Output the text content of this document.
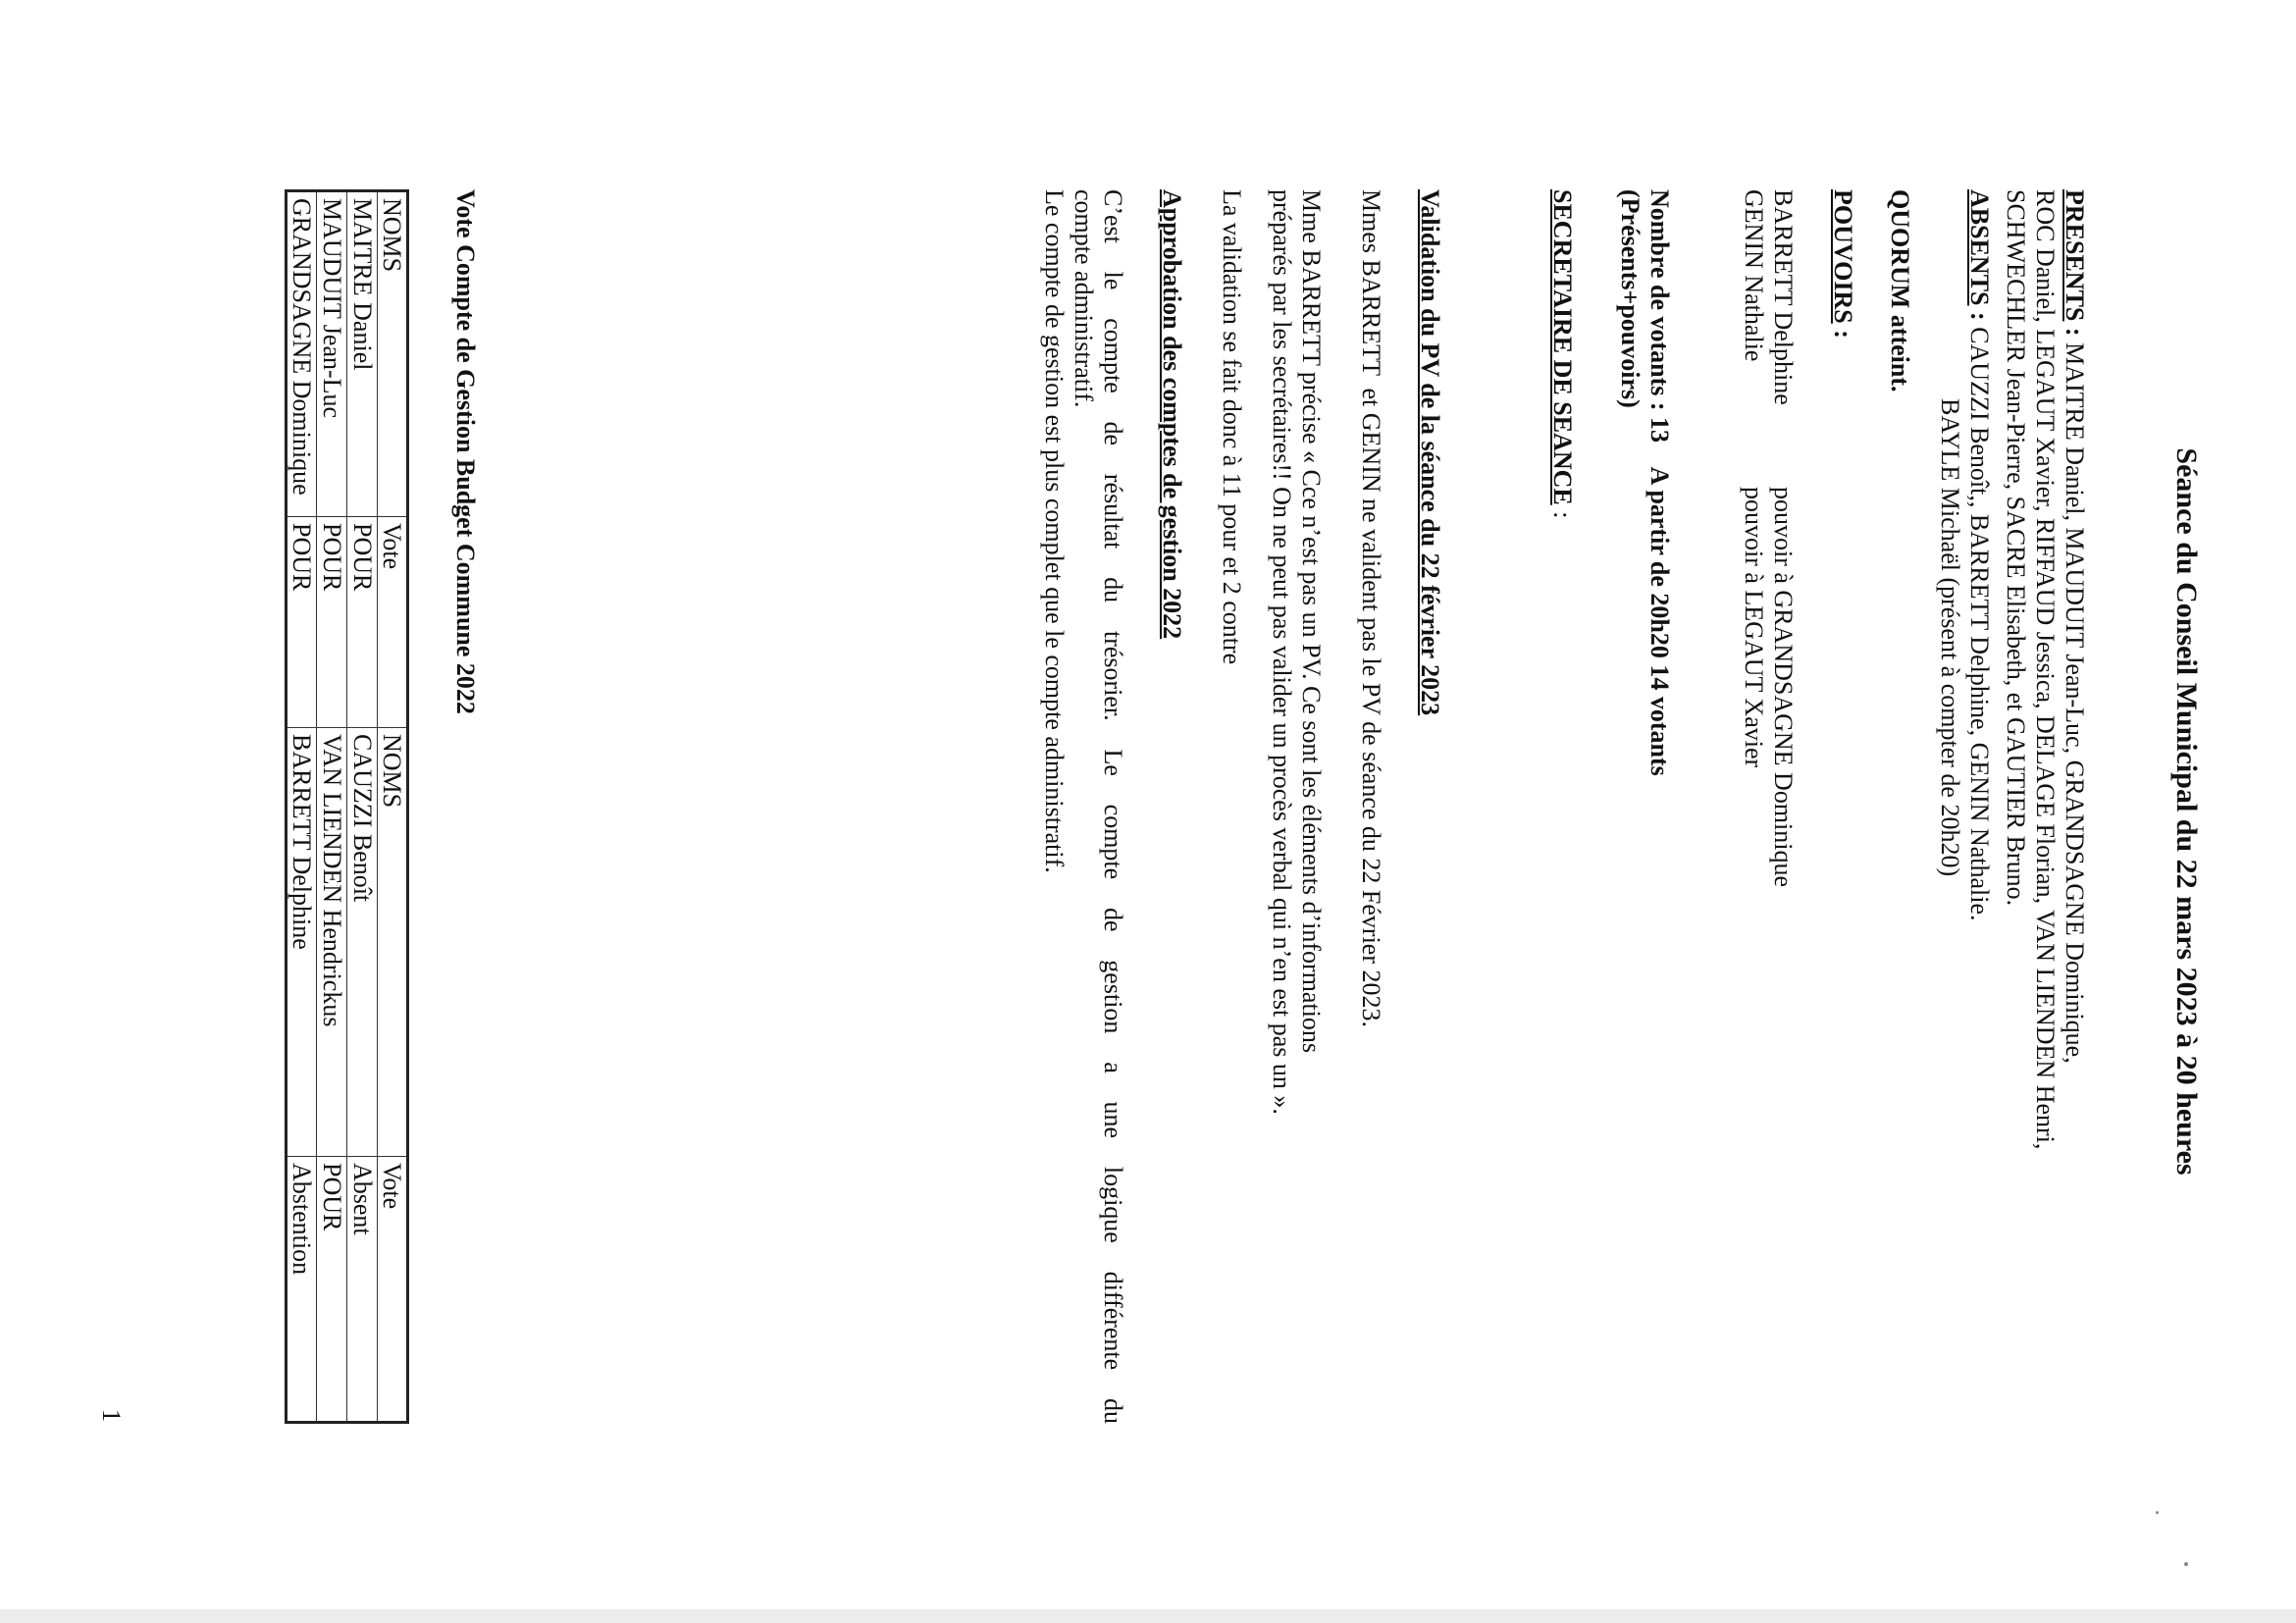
Séance du Conseil Municipal du 22 mars 2023 à 20 heures

PRESENTS : MAITRE Daniel, MAUDUIT Jean-Luc, GRANDSAGNE Dominique,

ROC Daniel, LEGAUT Xavier, RIFFAUD Jessica, DELAGE Florian, VAN LIENDEN Henri,

SCHWECHLER Jean-Pierre, SACRE Elisabeth, et GAUTIER Bruno.

ABSENTS : CAUZZI Benoît,, BARRETT Delphine, GENIN Nathalie.

BAYLE Michaël (présent à compter de 20h20)

QUORUM atteint.
POUVOIRS :
BARRETT Delphine
pouvoir à GRANDSAGNE Dominique
GENIN Nathalie
pouvoir à LEGAUT Xavier

Nombre de votants : 13    A partir de 20h20 14 votants

(Présents+pouvoirs)

SECRETAIRE DE SEANCE :
Validation du PV de la séance du 22 février 2023
Mmes BARRETT  et GENIN ne valident pas le PV de séance du 22 Février 2023.

Mme BARRETT précise « Cce n’est pas un PV. Ce sont les éléments d’informations

préparés par les secrétaires!! On ne peut pas valider un procès verbal qui n’en est pas un ».

La validation se fait donc à 11 pour et 2 contre
Approbation des comptes de gestion 2022

C’est le compte de résultat du trésorier. Le compte de gestion a une logique différente du

compte administratif.

Le compte de gestion est plus complet que le compte administratif.
Vote Compte de Gestion Budget Commune 2022
NOMS	Vote	NOMS	Vote
MAITRE Daniel	POUR	CAUZZI Benoît	Absent
MAUDUIT Jean-Luc	POUR	VAN LIENDEN Hendrickus	POUR
GRANDSAGNE Dominique	POUR	BARRETT Delphine	Abstention
1
